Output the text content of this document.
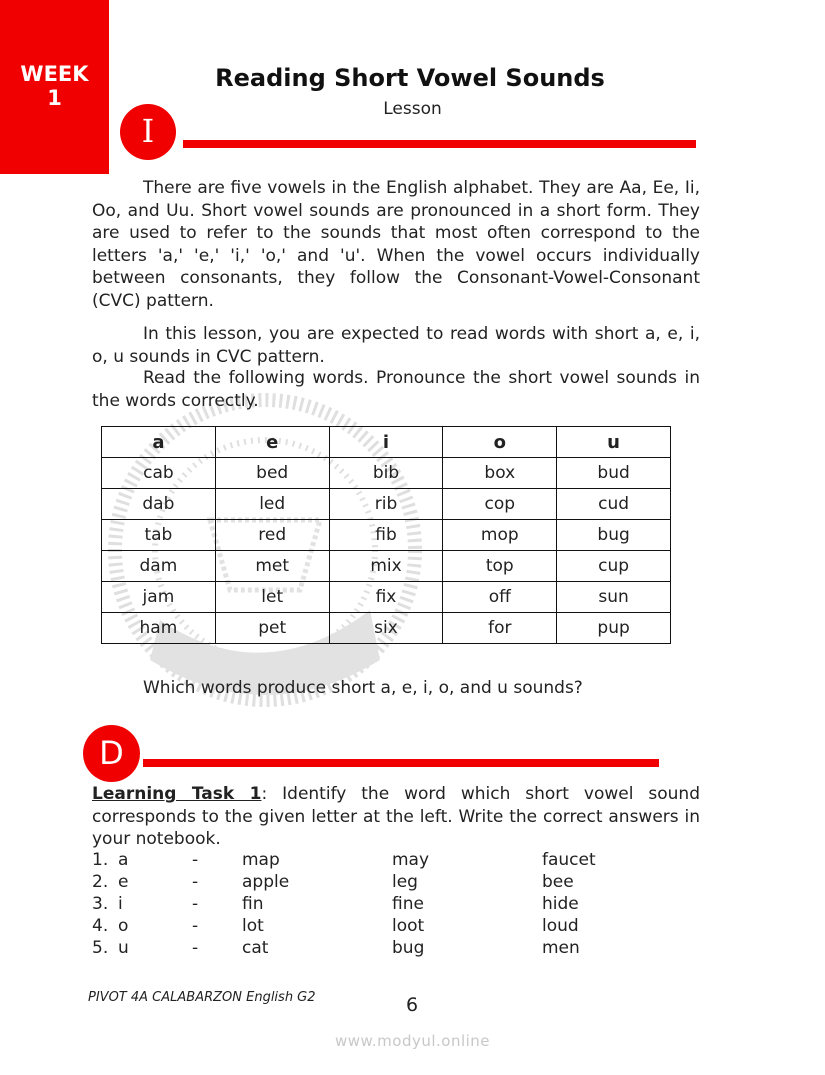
WEEK
1
Reading Short Vowel Sounds
Lesson
I
There are five vowels in the English alphabet. They are Aa, Ee, Ii, Oo, and Uu. Short vowel sounds are pronounced in a short form. They are used to refer to the sounds that most often correspond to the letters 'a,' 'e,' 'i,' 'o,' and 'u'. When the vowel occurs individually between consonants, they follow the Consonant-Vowel-Consonant (CVC) pattern.
In this lesson, you are expected to read words with short a, e, i, o, u sounds in CVC pattern.
Read the following words. Pronounce the short vowel sounds in the words correctly.
a	e	i	o	u
cab	bed	bib	box	bud
dab	led	rib	cop	cud
tab	red	fib	mop	bug
dam	met	mix	top	cup
jam	let	fix	off	sun
ham	pet	six	for	pup
Which words produce short a, e, i, o, and u sounds?
D
Learning Task 1: Identify the word which short vowel sound corresponds to the given letter at the left. Write the correct answers in your notebook.
1. a	-	map	may	faucet
2. e	-	apple	leg	bee
3. i	-	fin	fine	hide
4. o	-	lot	loot	loud
5. u	-	cat	bug	men
PIVOT 4A CALABARZON English G2	6
www.modyul.online
